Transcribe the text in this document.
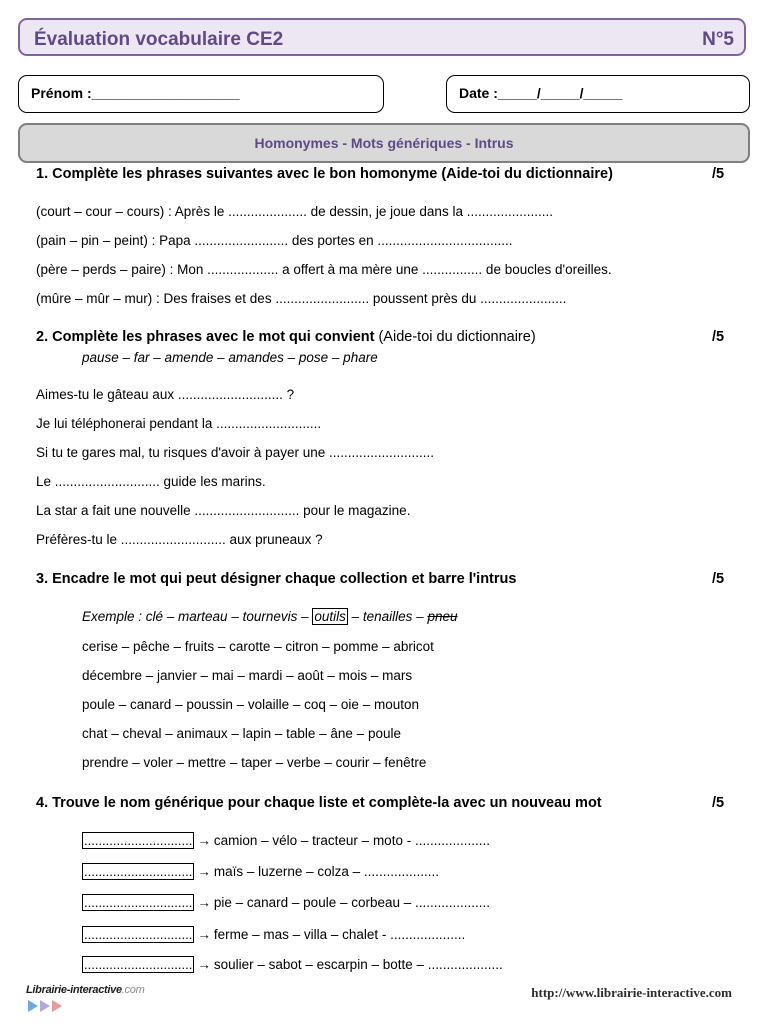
Évaluation vocabulaire CE2	N°5
Prénom :___________________	Date :_____/_____/_____
Homonymes - Mots génériques - Intrus
1. Complète les phrases suivantes avec le bon homonyme (Aide-toi du dictionnaire)	/5
(court – cour – cours) : Après le ..................... de dessin, je joue dans la .......................
(pain – pin – peint) : Papa ......................... des portes en ....................................
(père – perds – paire) : Mon ................... a offert à ma mère une ................ de boucles d'oreilles.
(mûre – mûr – mur) : Des fraises et des ......................... poussent près du .......................
2. Complète les phrases avec le mot qui convient (Aide-toi du dictionnaire)	/5
pause – far – amende – amandes – pose – phare
Aimes-tu le gâteau aux ............................ ?
Je lui téléphonerai pendant la ............................
Si tu te gares mal, tu risques d'avoir à payer une ............................
Le ............................ guide les marins.
La star a fait une nouvelle ............................ pour le magazine.
Préfères-tu le ............................ aux pruneaux ?
3. Encadre le mot qui peut désigner chaque collection et barre l'intrus	/5
Exemple : clé – marteau – tournevis – outils – tenailles – pneu
cerise – pêche – fruits – carotte – citron – pomme – abricot
décembre – janvier – mai – mardi – août – mois – mars
poule – canard – poussin – volaille – coq – oie – mouton
chat – cheval – animaux – lapin – table – âne – poule
prendre – voler – mettre – taper – verbe – courir – fenêtre
4. Trouve le nom générique pour chaque liste et complète-la avec un nouveau mot	/5
.............................. → camion – vélo – tracteur – moto - ....................
.............................. → maïs – luzerne – colza – ....................
.............................. → pie – canard – poule – corbeau – ....................
.............................. → ferme – mas – villa – chalet - ....................
.............................. → soulier – sabot – escarpin – botte – ....................
Librairie-interactive.com	http://www.librairie-interactive.com
